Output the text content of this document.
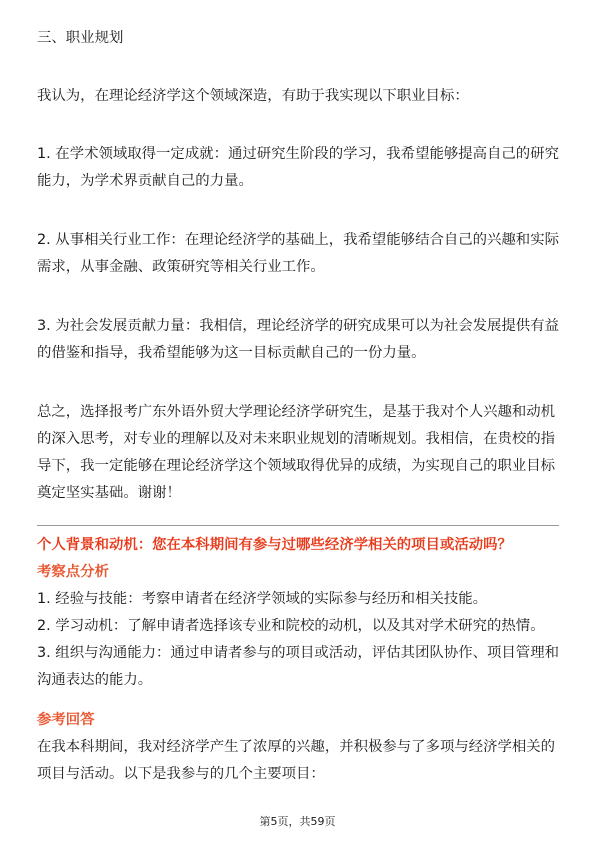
三、职业规划

我认为，在理论经济学这个领域深造，有助于我实现以下职业目标：

1. 在学术领域取得一定成就：通过研究生阶段的学习，我希望能够提高自己的研究
能力，为学术界贡献自己的力量。

2. 从事相关行业工作：在理论经济学的基础上，我希望能够结合自己的兴趣和实际
需求，从事金融、政策研究等相关行业工作。

3. 为社会发展贡献力量：我相信，理论经济学的研究成果可以为社会发展提供有益
的借鉴和指导，我希望能够为这一目标贡献自己的一份力量。

总之，选择报考广东外语外贸大学理论经济学研究生，是基于我对个人兴趣和动机
的深入思考，对专业的理解以及对未来职业规划的清晰规划。我相信，在贵校的指
导下，我一定能够在理论经济学这个领域取得优异的成绩，为实现自己的职业目标
奠定坚实基础。谢谢！

个人背景和动机：您在本科期间有参与过哪些经济学相关的项目或活动吗？
考察点分析

1. 经验与技能：考察申请者在经济学领域的实际参与经历和相关技能。

2. 学习动机：了解申请者选择该专业和院校的动机，以及其对学术研究的热情。

3. 组织与沟通能力：通过申请者参与的项目或活动，评估其团队协作、项目管理和
沟通表达的能力。

参考回答

在我本科期间，我对经济学产生了浓厚的兴趣，并积极参与了多项与经济学相关的
项目与活动。以下是我参与的几个主要项目：

第5页，共59页
